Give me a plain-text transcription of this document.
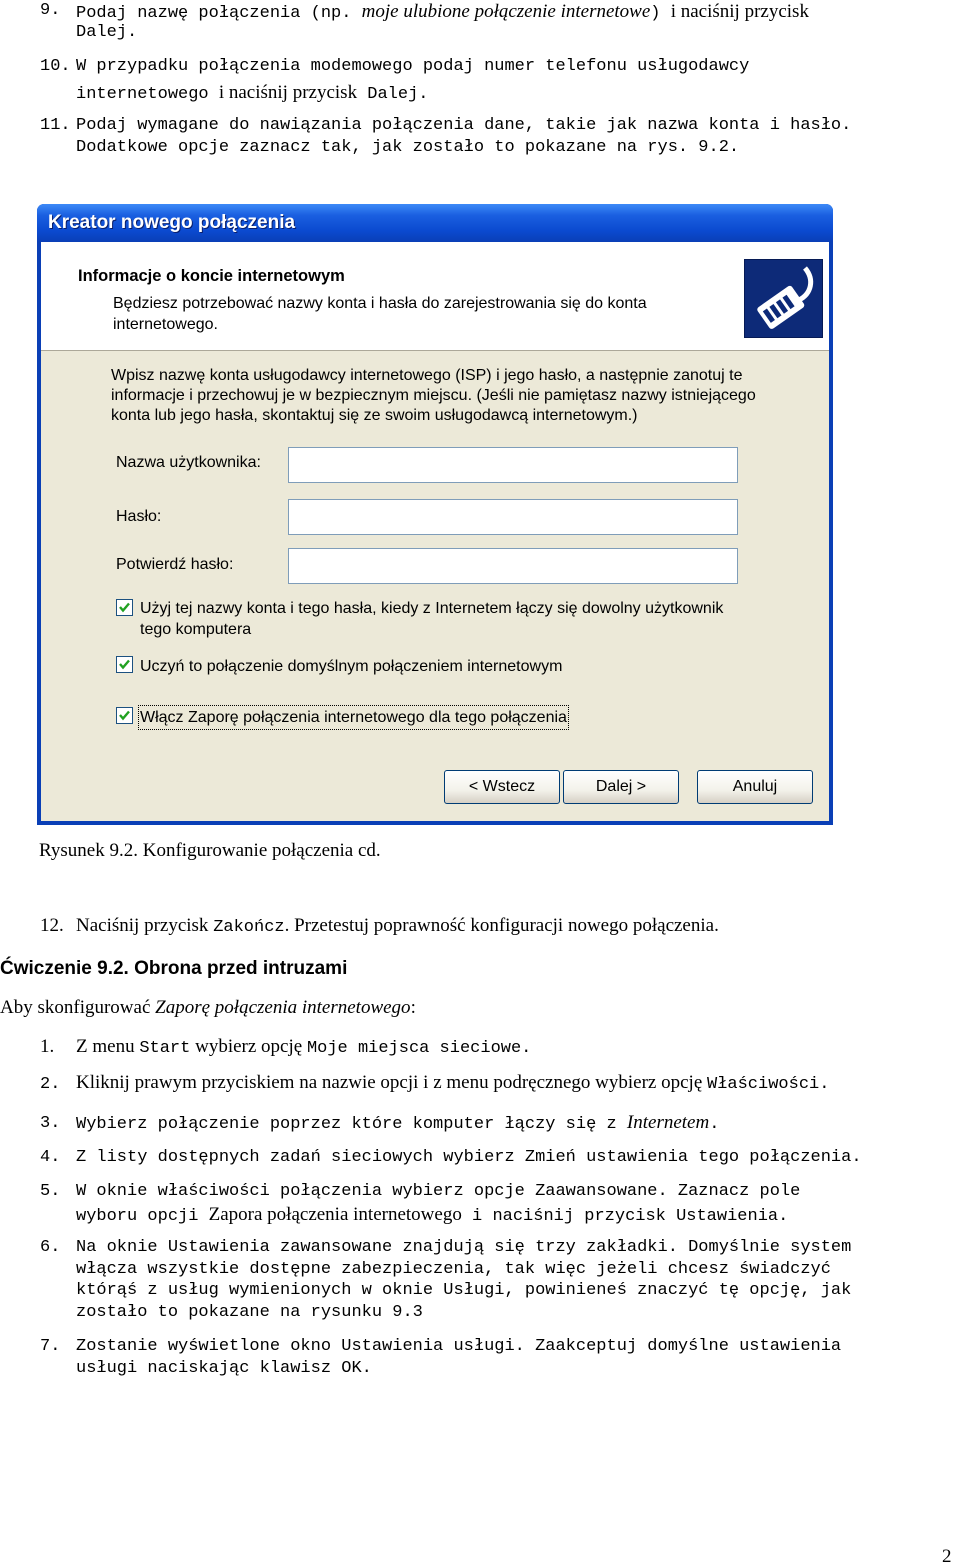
9. Podaj nazwę połączenia (np. moje ulubione połączenie internetowe) i naciśnij przycisk
Dalej.
10. W przypadku połączenia modemowego podaj numer telefonu usługodawcy
internetowego i naciśnij przycisk Dalej.
11. Podaj wymagane do nawiązania połączenia dane, takie jak nazwa konta i hasło.
Dodatkowe opcje zaznacz tak, jak zostało to pokazane na rys. 9.2.
Kreator nowego połączenia
Informacje o koncie internetowym
Będziesz potrzebować nazwy konta i hasła do zarejestrowania się do konta
internetowego.
Wpisz nazwę konta usługodawcy internetowego (ISP) i jego hasło, a następnie zanotuj te
informacje i przechowuj je w bezpiecznym miejscu. (Jeśli nie pamiętasz nazwy istniejącego
konta lub jego hasła, skontaktuj się ze swoim usługodawcą internetowym.)
Nazwa użytkownika:
Hasło:
Potwierdź hasło:
Użyj tej nazwy konta i tego hasła, kiedy z Internetem łączy się dowolny użytkownik
tego komputera
Uczyń to połączenie domyślnym połączeniem internetowym
Włącz Zaporę połączenia internetowego dla tego połączenia
< Wstecz	Dalej >	Anuluj
Rysunek 9.2. Konfigurowanie połączenia cd.
12. Naciśnij przycisk Zakończ. Przetestuj poprawność konfiguracji nowego połączenia.
Ćwiczenie 9.2. Obrona przed intruzami
Aby skonfigurować Zaporę połączenia internetowego:
1. Z menu Start wybierz opcję Moje miejsca sieciowe.
2. Kliknij prawym przyciskiem na nazwie opcji i z menu podręcznego wybierz opcję Właściwości.
3. Wybierz połączenie poprzez które komputer łączy się z Internetem.
4. Z listy dostępnych zadań sieciowych wybierz Zmień ustawienia tego połączenia.
5. W oknie właściwości połączenia wybierz opcje Zaawansowane. Zaznacz pole
wyboru opcji Zapora połączenia internetowego i naciśnij przycisk Ustawienia.
6. Na oknie Ustawienia zawansowane znajdują się trzy zakładki. Domyślnie system
włącza wszystkie dostępne zabezpieczenia, tak więc jeżeli chcesz świadczyć
którąś z usług wymienionych w oknie Usługi, powinieneś znaczyć tę opcję, jak
zostało to pokazane na rysunku 9.3
7. Zostanie wyświetlone okno Ustawienia usługi. Zaakceptuj domyślne ustawienia
usługi naciskając klawisz OK.
2
